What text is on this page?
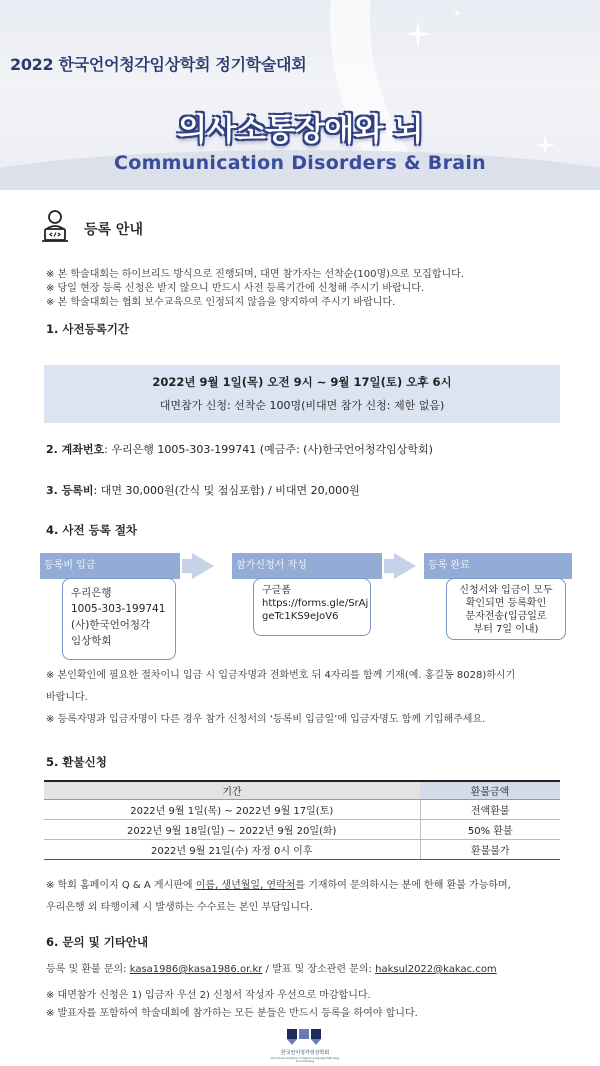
2022 한국언어청각임상학회 정기학술대회
의사소통장애와 뇌
Communication Disorders & Brain
등록 안내
※ 본 학술대회는 하이브리드 방식으로 진행되며, 대면 참가자는 선착순(100명)으로 모집합니다.
※ 당일 현장 등록 신청은 받지 않으니 반드시 사전 등록기간에 신청해 주시기 바랍니다.
※ 본 학술대회는 협회 보수교육으로 인정되지 않음을 양지하여 주시기 바랍니다.
1. 사전등록기간
2022년 9월 1일(목) 오전 9시 ~ 9월 17일(토) 오후 6시
대면참가 신청: 선착순 100명(비대면 참가 신청: 제한 없음)
2. 계좌번호: 우리은행 1005-303-199741 (예금주: (사)한국언어청각임상학회)
3. 등록비: 대면 30,000원(간식 및 점심포함) / 비대면 20,000원
4. 사전 등록 절차
등록비 입금
우리은행
1005-303-199741
(사)한국언어청각
임상학회
참가신청서 작성
구글폼
https://forms.gle/SrAj
geTc1KS9eJoV6
등록 완료
신청서와 입금이 모두
확인되면 등록확인
문자전송(입금일로
부터 7일 이내)
※ 본인확인에 필요한 절차이니 입금 시 입금자명과 전화번호 뒤 4자리를 함께 기재(예. 홍길동 8028)하시기
바랍니다.
※ 등록자명과 입금자명이 다른 경우 참가 신청서의 ‘등록비 입금일’에 입금자명도 함께 기입해주세요.
5. 환불신청
기간	환불금액
2022년 9월 1일(목) ~ 2022년 9월 17일(토)	전액환불
2022년 9월 18일(일) ~ 2022년 9월 20일(화)	50% 환불
2022년 9월 21일(수) 자정 0시 이후	환불불가
※ 학회 홈페이지 Q & A 게시판에 이름, 생년월일, 연락처를 기재하여 문의하시는 분에 한해 환불 가능하며,
우리은행 외 타행이체 시 발생하는 수수료는 본인 부담입니다.
6. 문의 및 기타안내
등록 및 환불 문의: kasa1986@kasa1986.or.kr / 발표 및 장소관련 문의: haksul2022@kakac.com
※ 대면참가 신청은 1) 입금자 우선 2) 신청서 작성자 우선으로 마감합니다.
※ 발표자를 포함하여 학술대회에 참가하는 모든 분들은 반드시 등록을 하여야 합니다.
한국언어청각임상학회
The Korean Academy of Speech-Language Pathology and Audiology
